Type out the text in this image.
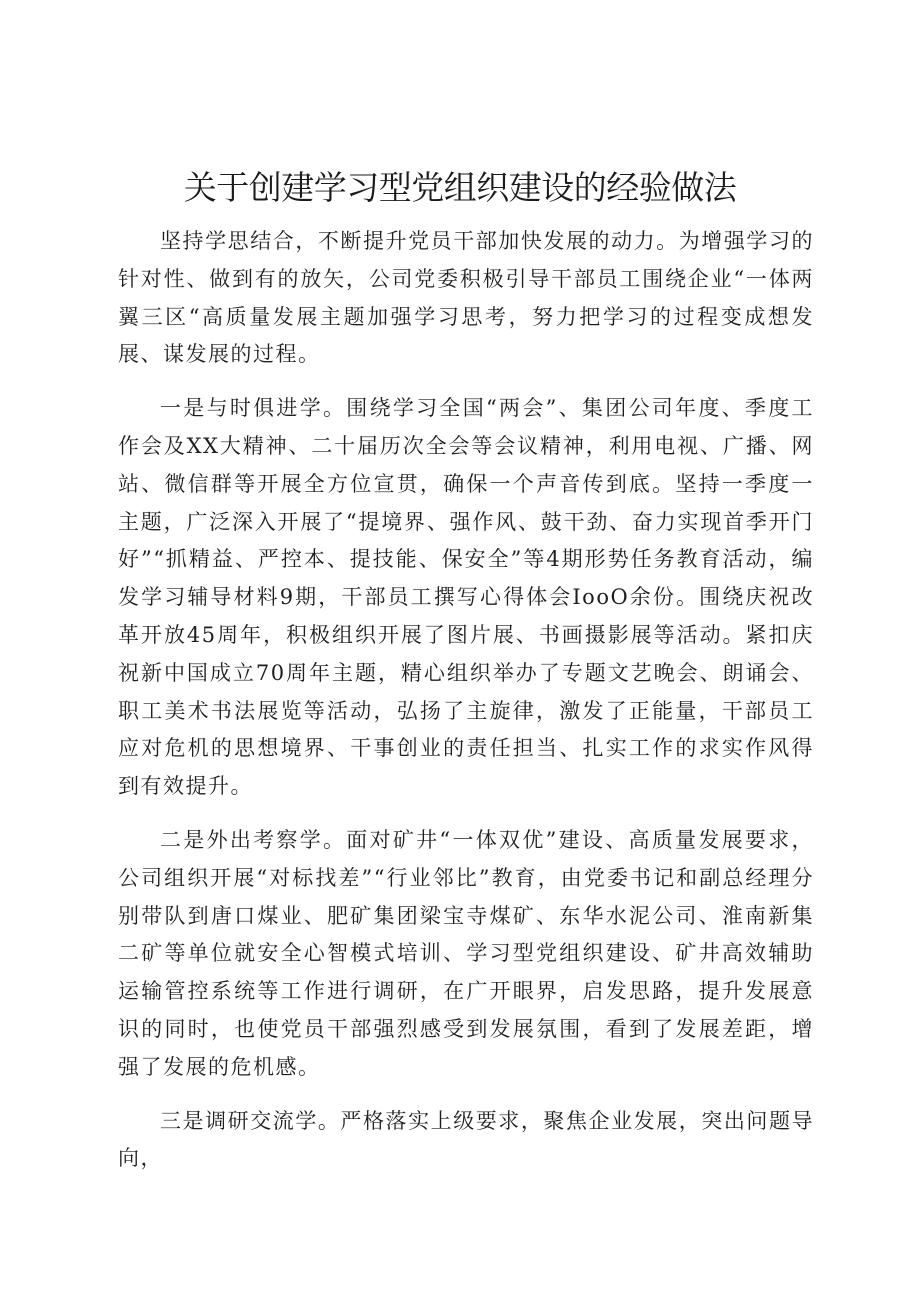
关于创建学习型党组织建设的经验做法

坚持学思结合，不断提升党员干部加快发展的动力。为增强学习的针对性、做到有的放矢，公司党委积极引导干部员工围绕企业“一体两翼三区“高质量发展主题加强学习思考，努力把学习的过程变成想发展、谋发展的过程。

一是与时俱进学。围绕学习全国“两会”、集团公司年度、季度工作会及XX大精神、二十届历次全会等会议精神，利用电视、广播、网站、微信群等开展全方位宣贯，确保一个声音传到底。坚持一季度一主题，广泛深入开展了“提境界、强作风、鼓干劲、奋力实现首季开门好”“抓精益、严控本、提技能、保安全”等4期形势任务教育活动，编发学习辅导材料9期，干部员工撰写心得体会IooO余份。围绕庆祝改革开放45周年，积极组织开展了图片展、书画摄影展等活动。紧扣庆祝新中国成立70周年主题，精心组织举办了专题文艺晚会、朗诵会、职工美术书法展览等活动，弘扬了主旋律，激发了正能量，干部员工应对危机的思想境界、干事创业的责任担当、扎实工作的求实作风得到有效提升。

二是外出考察学。面对矿井“一体双优”建设、高质量发展要求，公司组织开展“对标找差”“行业邻比”教育，由党委书记和副总经理分别带队到唐口煤业、肥矿集团梁宝寺煤矿、东华水泥公司、淮南新集二矿等单位就安全心智模式培训、学习型党组织建设、矿井高效辅助运输管控系统等工作进行调研，在广开眼界，启发思路，提升发展意识的同时，也使党员干部强烈感受到发展氛围，看到了发展差距，增强了发展的危机感。

三是调研交流学。严格落实上级要求，聚焦企业发展，突出问题导向，
